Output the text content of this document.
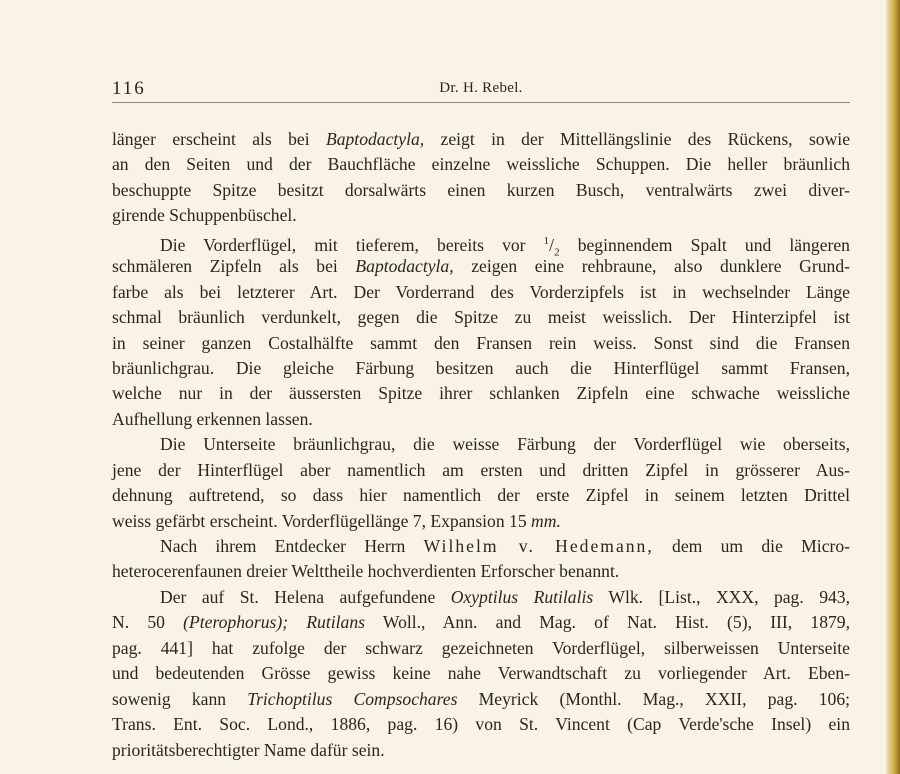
116	Dr. H. Rebel.
länger erscheint als bei Baptodactyla, zeigt in der Mittellängslinie des Rückens, sowie
an den Seiten und der Bauchfläche einzelne weissliche Schuppen. Die heller bräunlich
beschuppte Spitze besitzt dorsalwärts einen kurzen Busch, ventralwärts zwei diver-
girende Schuppenbüschel.
Die Vorderflügel, mit tieferem, bereits vor $^1/_2$ beginnendem Spalt und längeren
schmäleren Zipfeln als bei Baptodactyla, zeigen eine rehbraune, also dunklere Grund-
farbe als bei letzterer Art. Der Vorderrand des Vorderzipfels ist in wechselnder Länge
schmal bräunlich verdunkelt, gegen die Spitze zu meist weisslich. Der Hinterzipfel ist
in seiner ganzen Costalhälfte sammt den Fransen rein weiss. Sonst sind die Fransen
bräunlichgrau. Die gleiche Färbung besitzen auch die Hinterflügel sammt Fransen,
welche nur in der äussersten Spitze ihrer schlanken Zipfeln eine schwache weissliche
Aufhellung erkennen lassen.
Die Unterseite bräunlichgrau, die weisse Färbung der Vorderflügel wie oberseits,
jene der Hinterflügel aber namentlich am ersten und dritten Zipfel in grösserer Aus-
dehnung auftretend, so dass hier namentlich der erste Zipfel in seinem letzten Drittel
weiss gefärbt erscheint. Vorderflügellänge 7, Expansion 15 mm.
Nach ihrem Entdecker Herrn Wilhelm v. Hedemann, dem um die Micro-
heterocerenfaunen dreier Welttheile hochverdienten Erforscher benannt.
Der auf St. Helena aufgefundene Oxyptilus Rutilalis Wlk. [List., XXX, pag. 943,
N. 50 (Pterophorus); Rutilans Woll., Ann. and Mag. of Nat. Hist. (5), III, 1879,
pag. 441] hat zufolge der schwarz gezeichneten Vorderflügel, silberweissen Unterseite
und bedeutenden Grösse gewiss keine nahe Verwandtschaft zu vorliegender Art. Eben-
sowenig kann Trichoptilus Compsochares Meyrick (Monthl. Mag., XXII, pag. 106;
Trans. Ent. Soc. Lond., 1886, pag. 16) von St. Vincent (Cap Verde'sche Insel) ein
prioritätsberechtigter Name dafür sein.
